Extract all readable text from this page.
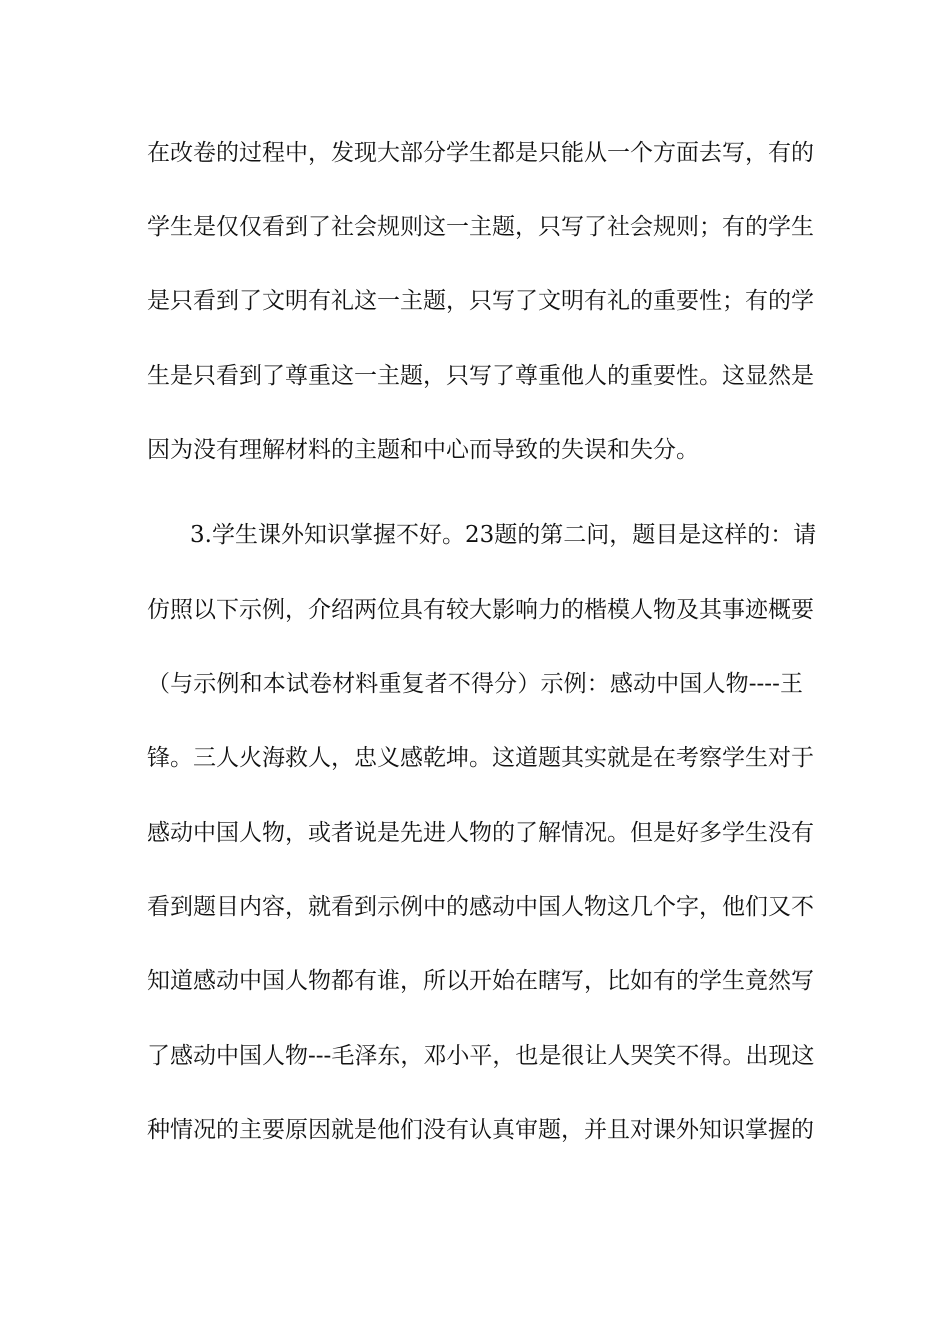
在改卷的过程中，发现大部分学生都是只能从一个方面去写，有的
学生是仅仅看到了社会规则这一主题，只写了社会规则；有的学生
是只看到了文明有礼这一主题，只写了文明有礼的重要性；有的学
生是只看到了尊重这一主题，只写了尊重他人的重要性。这显然是
因为没有理解材料的主题和中心而导致的失误和失分。
3.学生课外知识掌握不好。23题的第二问，题目是这样的：请
仿照以下示例，介绍两位具有较大影响力的楷模人物及其事迹概要
（与示例和本试卷材料重复者不得分）示例：感动中国人物----王
锋。三人火海救人，忠义感乾坤。这道题其实就是在考察学生对于
感动中国人物，或者说是先进人物的了解情况。但是好多学生没有
看到题目内容，就看到示例中的感动中国人物这几个字，他们又不
知道感动中国人物都有谁，所以开始在瞎写，比如有的学生竟然写
了感动中国人物---毛泽东，邓小平，也是很让人哭笑不得。出现这
种情况的主要原因就是他们没有认真审题，并且对课外知识掌握的
